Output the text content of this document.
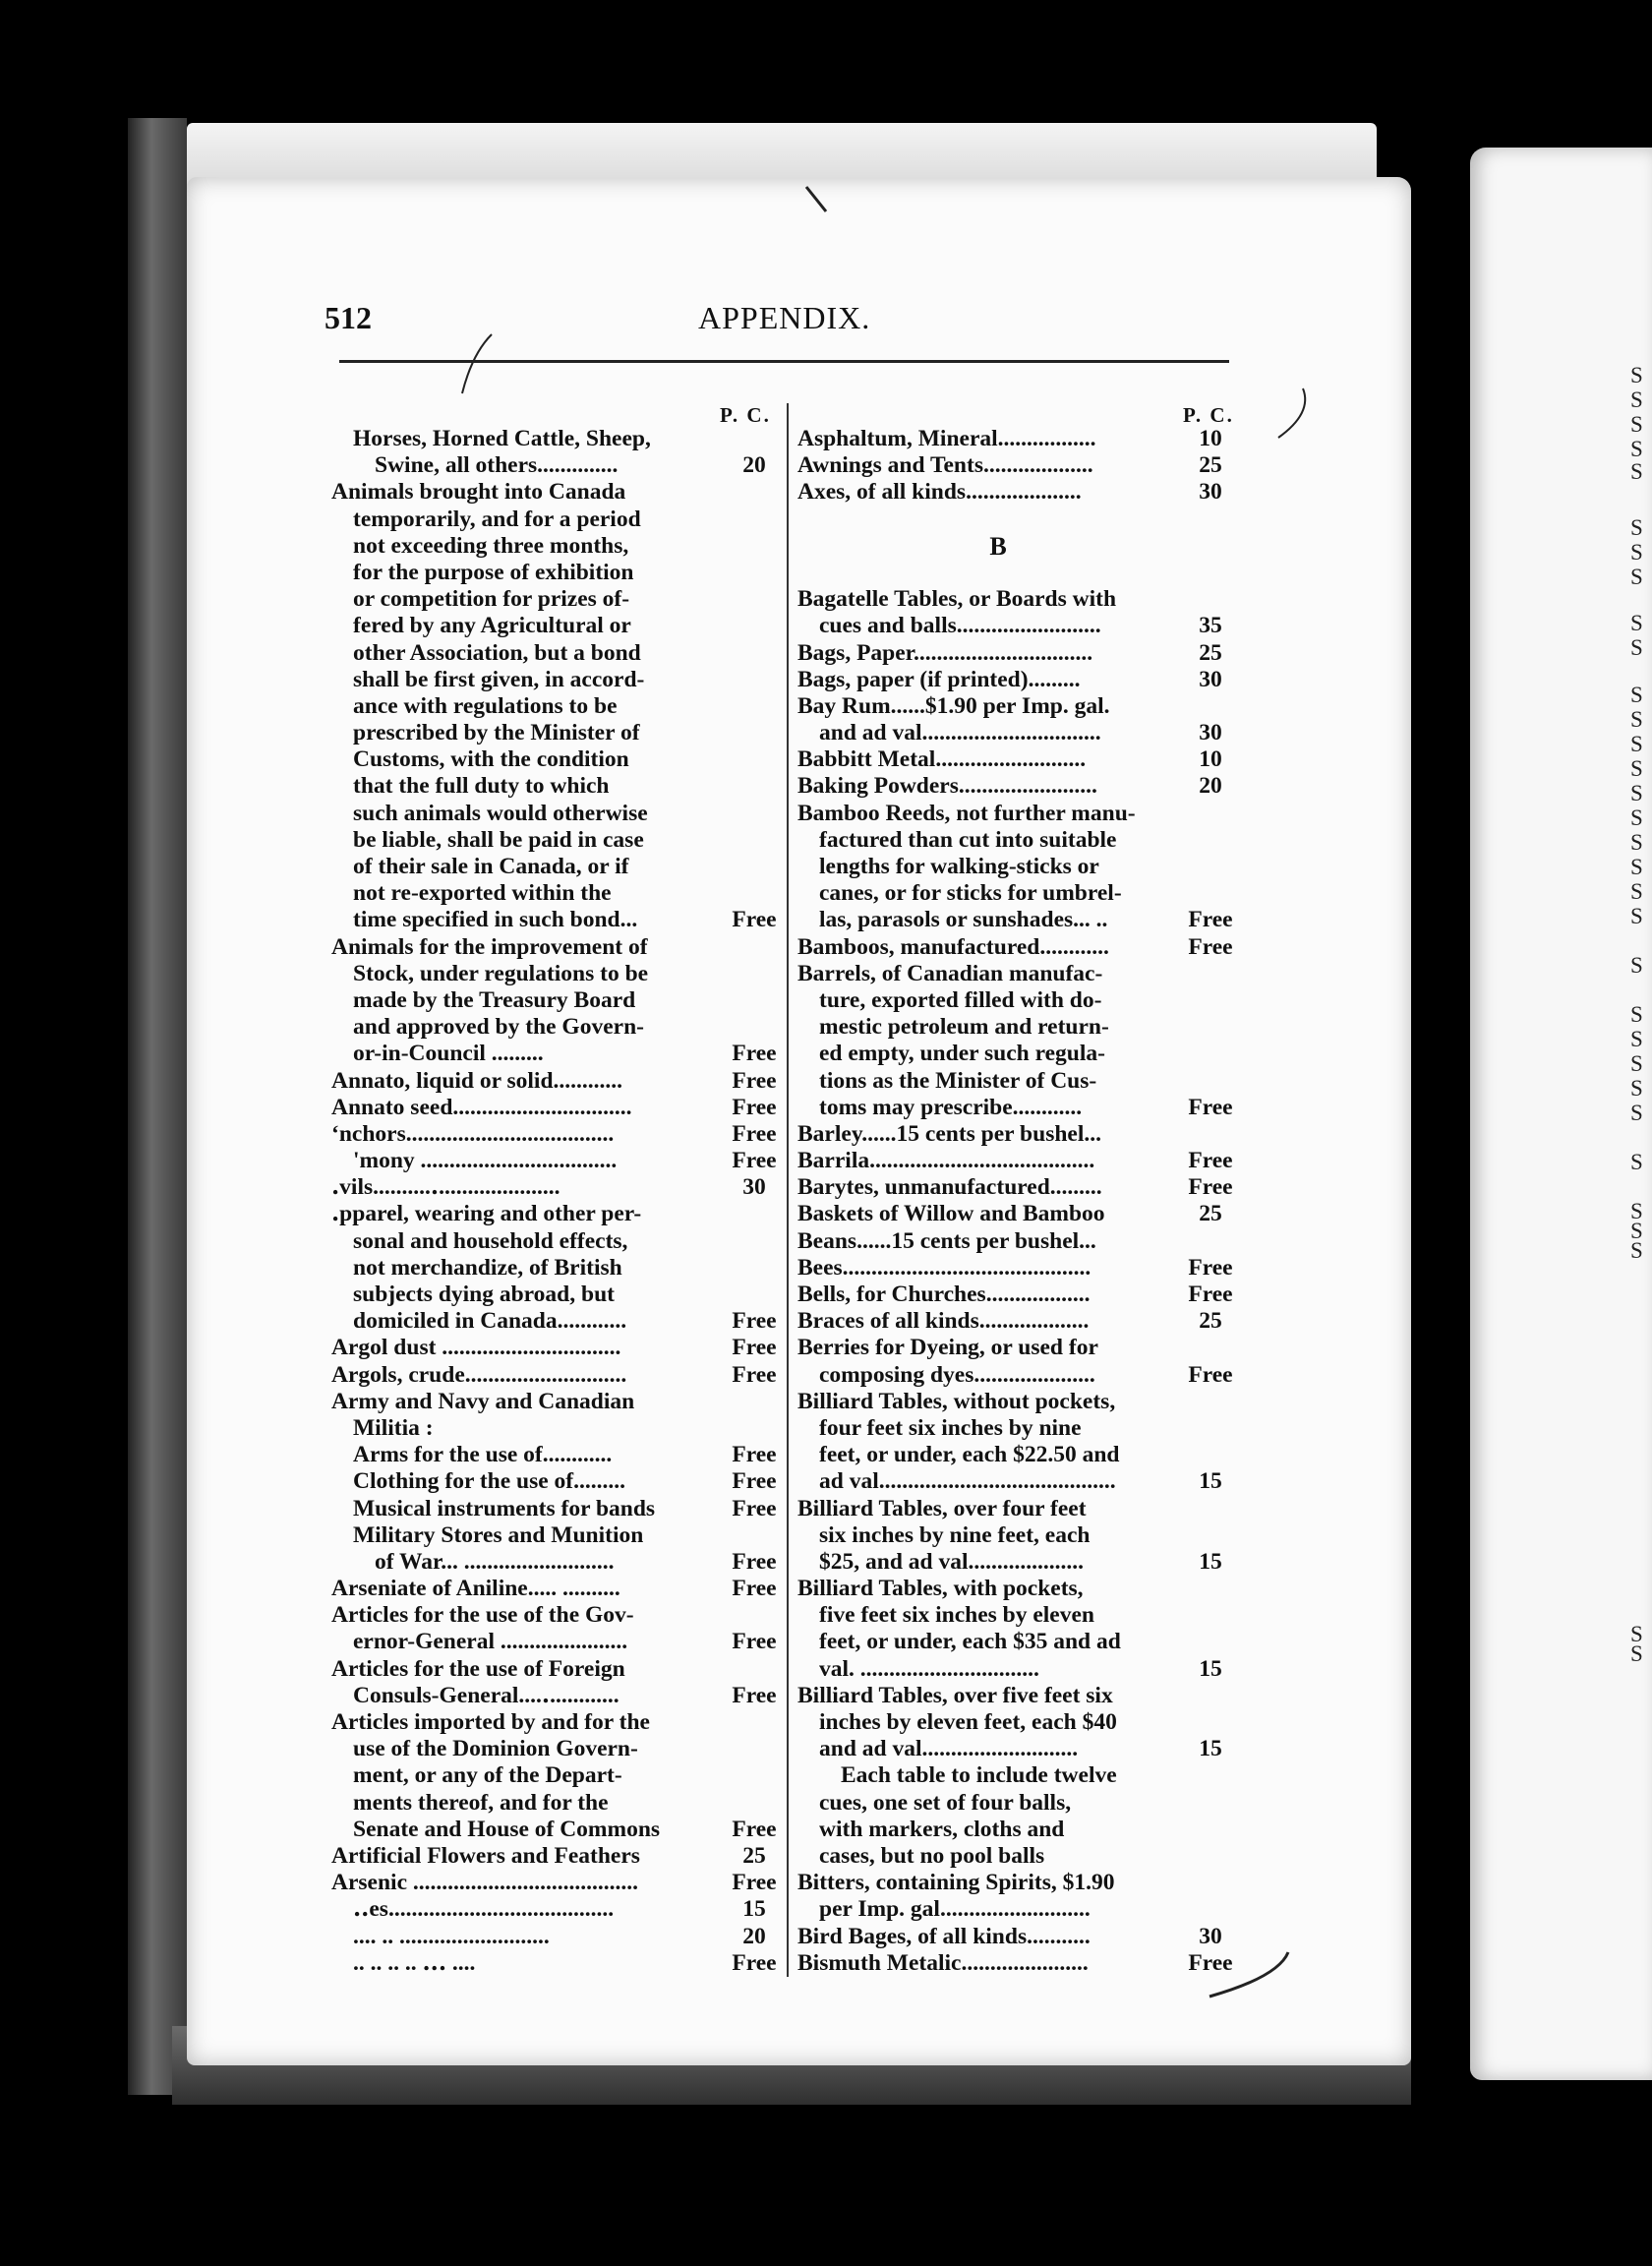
S
S
S
S
S
S
S
S
S
S
S
S
S
S
S
S
S
S
S
S
S
S
S
S
S
S
S
S
S
S
S
S
512	APPENDIX.
P. C.	P. C.
Horses, Horned Cattle, Sheep,
Swine, all others..............	20
Animals brought into Canada
temporarily, and for a period
not exceeding three months,
for the purpose of exhibition
or competition for prizes of-
fered by any Agricultural or
other Association, but a bond
shall be first given, in accord-
ance with regulations to be
prescribed by the Minister of
Customs, with the condition
that the full duty to which
such animals would otherwise
be liable, shall be paid in case
of their sale in Canada, or if
not re-exported within the
time specified in such bond...	Free
Animals for the improvement of
Stock, under regulations to be
made by the Treasury Board
and approved by the Govern-
or-in-Council .........	Free
Annato, liquid or solid............	Free
Annato seed...............................	Free
‘nchors....................................	Free
'mony ..................................	Free
․vils..........․.....................	30
․pparel, wearing and other per-
sonal and household effects,
not merchandize, of British
subjects dying abroad, but
domiciled in Canada............	Free
Argol dust ...............................	Free
Argols, crude............................	Free
Army and Navy and Canadian
Militia :
Arms for the use of............	Free
Clothing for the use of.........	Free
Musical instruments for bands	Free
Military Stores and Munition
of War... ..........................	Free
Arseniate of Aniline..... ..........	Free
Articles for the use of the Gov-
ernor-General ......................	Free
Articles for the use of Foreign
Consuls-General....․............	Free
Articles imported by and for the
use of the Dominion Govern-
ment, or any of the Depart-
ments thereof, and for the
Senate and House of Commons	Free
Artificial Flowers and Feathers	25
Arsenic .......................................	Free
․․es.......................................	15
.... .. ..........................	20
.. .. .. .. ․․․ ....	Free
Asphaltum, Mineral.................	10
Awnings and Tents...................	25
Axes, of all kinds....................	30
B
Bagatelle Tables, or Boards with
cues and balls.........................	35
Bags, Paper...............................	25
Bags, paper (if printed).........	30
Bay Rum......$1.90 per Imp. gal.
and ad val...............................	30
Babbitt Metal..........................	10
Baking Powders........................	20
Bamboo Reeds, not further manu-
factured than cut into suitable
lengths for walking-sticks or
canes, or for sticks for umbrel-
las, parasols or sunshades... ..	Free
Bamboos, manufactured............	Free
Barrels, of Canadian manufac-
ture, exported filled with do-
mestic petroleum and return-
ed empty, under such regula-
tions as the Minister of Cus-
toms may prescribe............	Free
Barley......15 cents per bushel...
Barrila.......................................	Free
Barytes, unmanufactured.........	Free
Baskets of Willow and Bamboo	25
Beans......15 cents per bushel...
Bees...........................................	Free
Bells, for Churches..................	Free
Braces of all kinds...................	25
Berries for Dyeing, or used for
composing dyes.....................	Free
Billiard Tables, without pockets,
four feet six inches by nine
feet, or under, each $22.50 and
ad val.........................................	15
Billiard Tables, over four feet
six inches by nine feet, each
$25, and ad val....................	15
Billiard Tables, with pockets,
five feet six inches by eleven
feet, or under, each $35 and ad
val. ...............................	15
Billiard Tables, over five feet six
inches by eleven feet, each $40
and ad val...........................	15
Each table to include twelve
cues, one set of four balls,
with markers, cloths and
cases, but no pool balls
Bitters, containing Spirits, $1.90
per Imp. gal..........................
Bird Bages, of all kinds...........	30
Bismuth Metalic......................	Free
